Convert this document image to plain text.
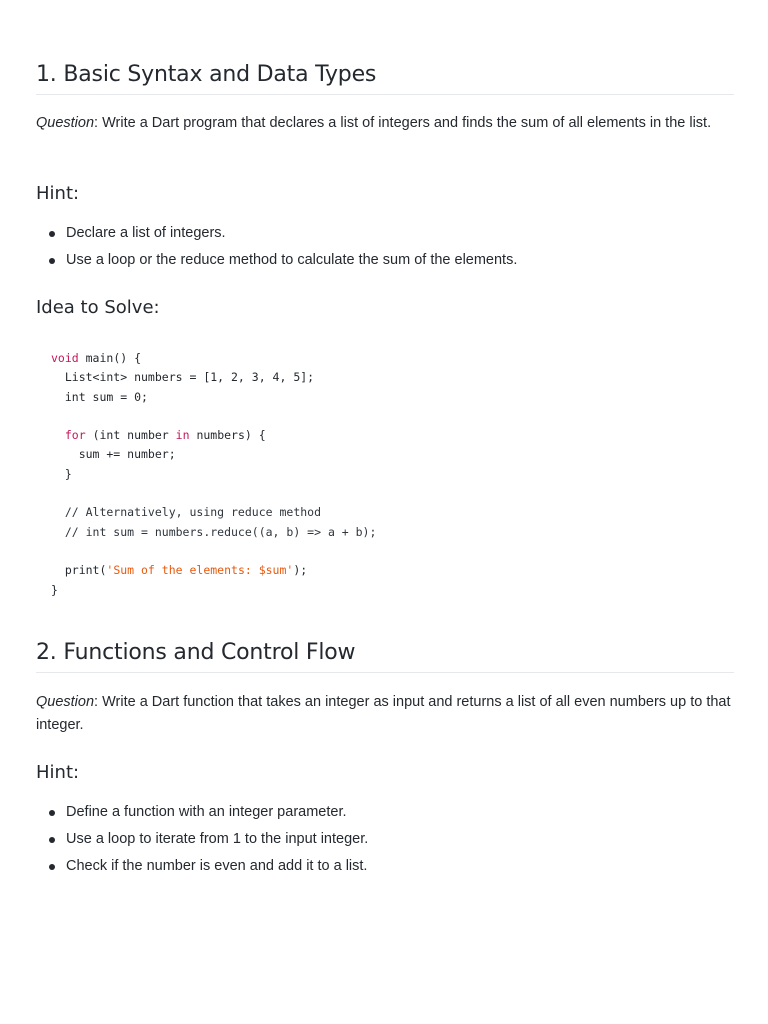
1. Basic Syntax and Data Types

Question: Write a Dart program that declares a list of integers and finds the sum of all elements in the list.

Hint:
Declare a list of integers.
Use a loop or the reduce method to calculate the sum of the elements.
Idea to Solve:
void main() {
List<int> numbers = [1, 2, 3, 4, 5];
int sum = 0;

for (int number in numbers) {
sum += number;
}

// Alternatively, using reduce method
// int sum = numbers.reduce((a, b) => a + b);

print('Sum of the elements: $sum');
}
2. Functions and Control Flow

Question: Write a Dart function that takes an integer as input and returns a list of all even numbers up to that integer.

Hint:
Define a function with an integer parameter.
Use a loop to iterate from 1 to the input integer.
Check if the number is even and add it to a list.
